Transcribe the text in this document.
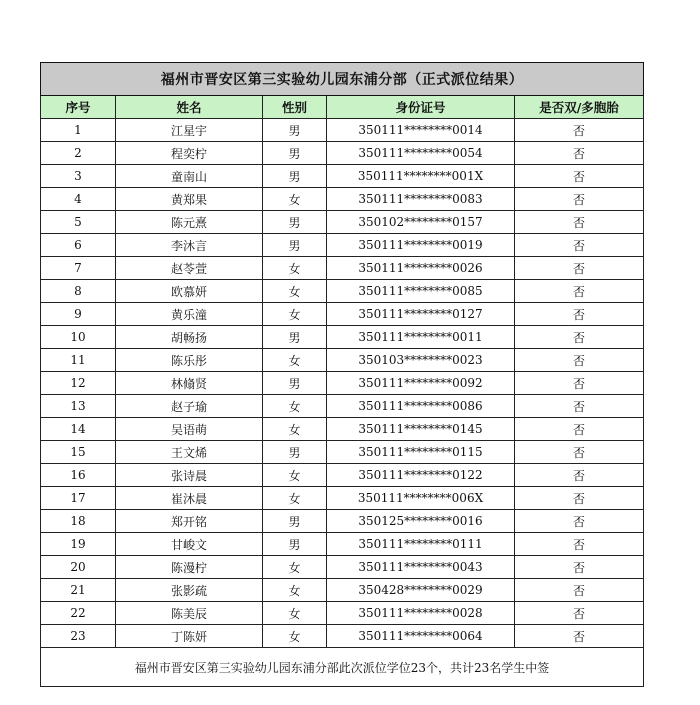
福州市晋安区第三实验幼儿园东浦分部（正式派位结果）				
序号	姓名	性别	身份证号	是否双/多胞胎
1	江星宇	男	350111********0014	否
2	程奕柠	男	350111********0054	否
3	童南山	男	350111********001X	否
4	黄郑果	女	350111********0083	否
5	陈元熹	男	350102********0157	否
6	李沐言	男	350111********0019	否
7	赵苓萱	女	350111********0026	否
8	欧慕妍	女	350111********0085	否
9	黄乐潼	女	350111********0127	否
10	胡畅扬	男	350111********0011	否
11	陈乐彤	女	350103********0023	否
12	林翛贤	男	350111********0092	否
13	赵子瑜	女	350111********0086	否
14	吴语萌	女	350111********0145	否
15	王文烯	男	350111********0115	否
16	张诗晨	女	350111********0122	否
17	崔沐晨	女	350111********006X	否
18	郑开铭	男	350125********0016	否
19	甘峻文	男	350111********0111	否
20	陈漫柠	女	350111********0043	否
21	张影疏	女	350428********0029	否
22	陈美辰	女	350111********0028	否
23	丁陈妍	女	350111********0064	否
福州市晋安区第三实验幼儿园东浦分部此次派位学位23个，共计23名学生中签				
